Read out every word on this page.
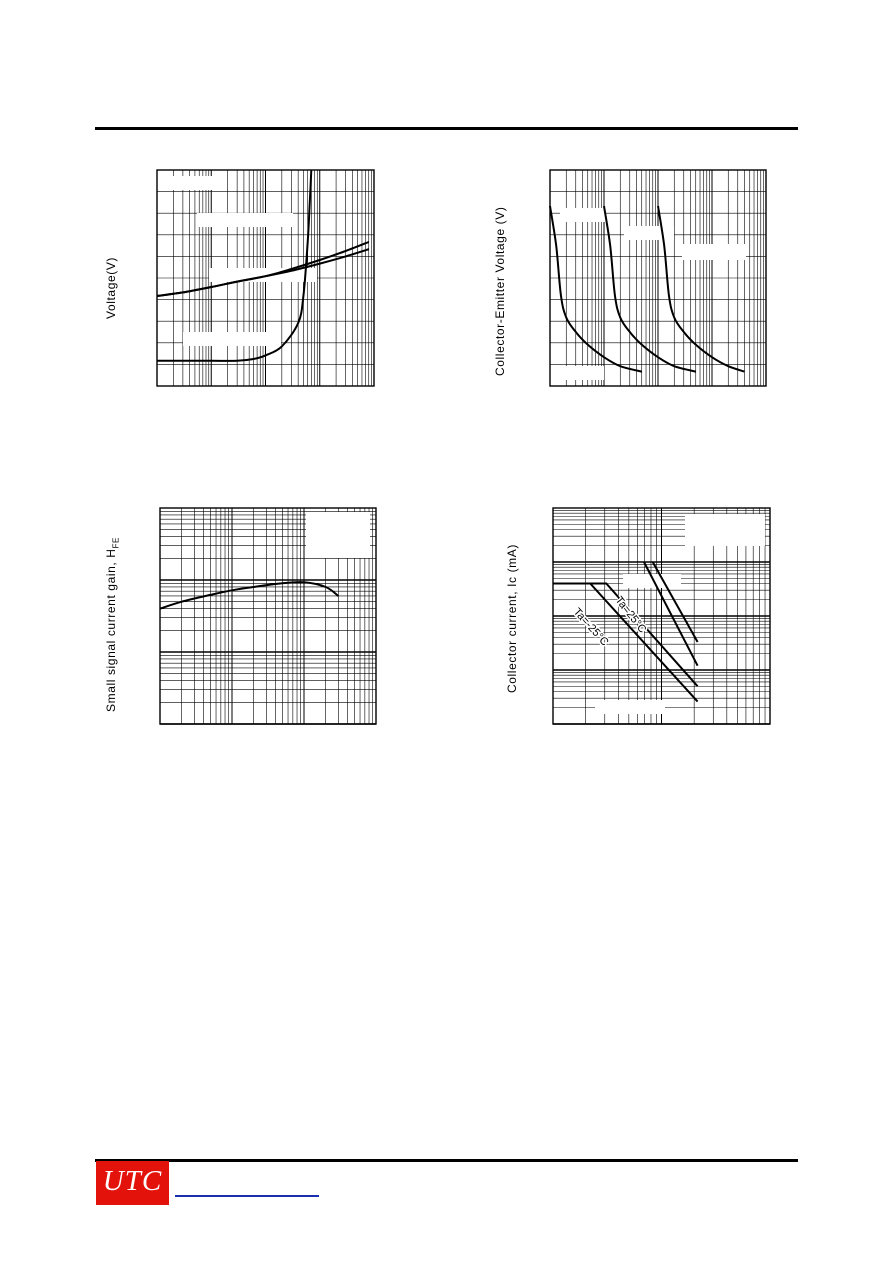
Voltage(V)	Collector-Emitter Voltage (V)
Small signal current gain, $H_{FE}$
Ta=-25°C Ta=25°C
Collector current, Ic (mA)
UTC
